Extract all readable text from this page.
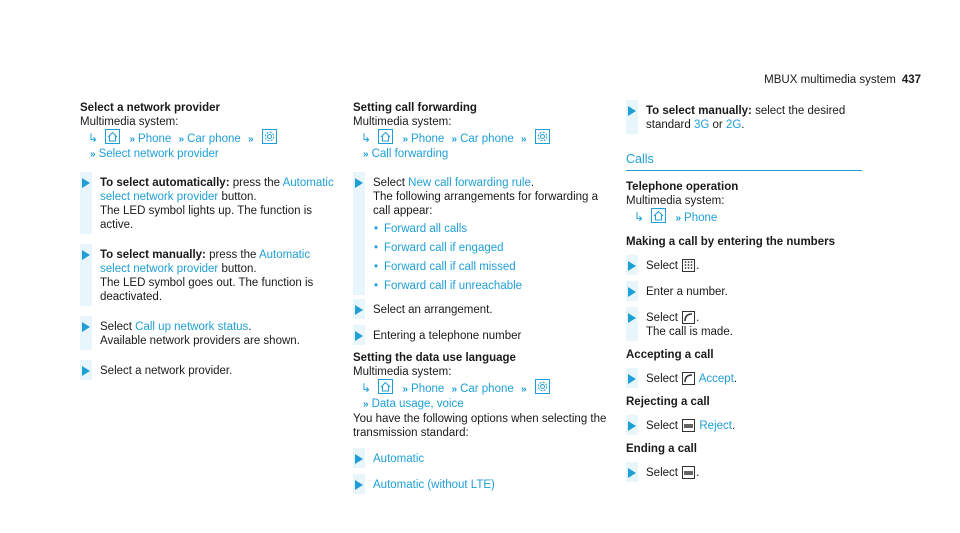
MBUX multimedia system 437
Select a network provider
Multimedia system:
↳	» Phone » Car phone »
» Select network provider
To select automatically: press the Automatic select network provider button.
The LED symbol lights up. The function is active.
To select manually: press the Automatic select network provider button.
The LED symbol goes out. The function is deactivated.
Select Call up network status.
Available network providers are shown.
Select a network provider.
Setting call forwarding
Multimedia system:
↳	» Phone » Car phone »
» Call forwarding
Select New call forwarding rule.
The following arrangements for forwarding a call appear:
• Forward all calls
• Forward call if engaged
• Forward call if call missed
• Forward call if unreachable
Select an arrangement.
Entering a telephone number
Setting the data use language
Multimedia system:
↳	» Phone » Car phone »
» Data usage, voice
You have the following options when selecting the transmission standard:
Automatic
Automatic (without LTE)
To select manually: select the desired standard 3G or 2G.
Calls
Telephone operation
Multimedia system:
↳	» Phone
Making a call by entering the numbers
Select .
Enter a number.
Select .
The call is made.
Accepting a call
Select Accept.
Rejecting a call
Select Reject.
Ending a call
Select .
